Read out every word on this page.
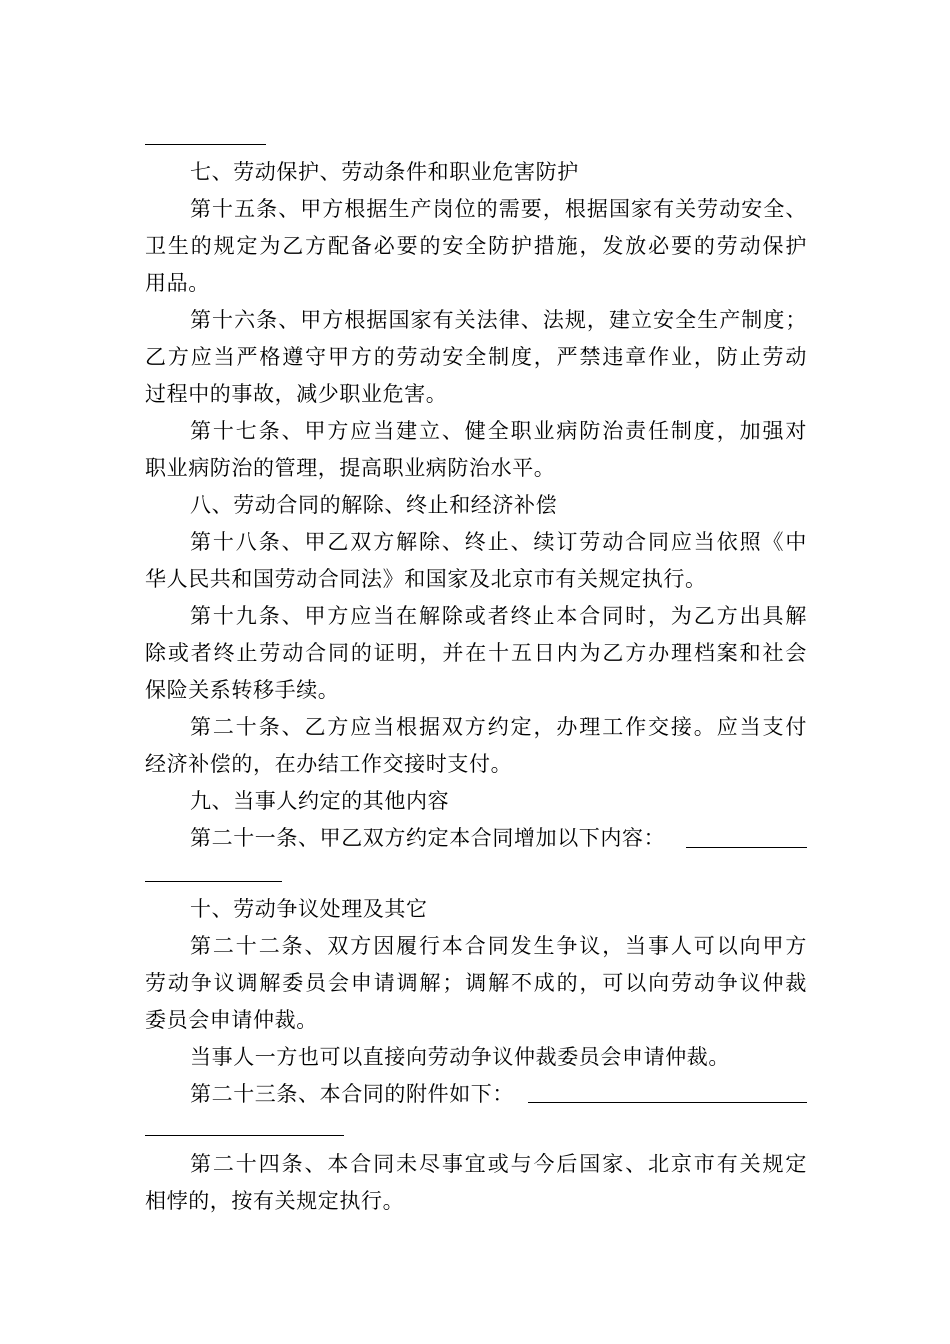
七、劳动保护、劳动条件和职业危害防护
第十五条、甲方根据生产岗位的需要，根据国家有关劳动安全、
卫生的规定为乙方配备必要的安全防护措施，发放必要的劳动保护
用品。
第十六条、甲方根据国家有关法律、法规，建立安全生产制度；
乙方应当严格遵守甲方的劳动安全制度，严禁违章作业，防止劳动
过程中的事故，减少职业危害。
第十七条、甲方应当建立、健全职业病防治责任制度，加强对
职业病防治的管理，提高职业病防治水平。
八、劳动合同的解除、终止和经济补偿
第十八条、甲乙双方解除、终止、续订劳动合同应当依照《中
华人民共和国劳动合同法》和国家及北京市有关规定执行。
第十九条、甲方应当在解除或者终止本合同时，为乙方出具解
除或者终止劳动合同的证明，并在十五日内为乙方办理档案和社会
保险关系转移手续。
第二十条、乙方应当根据双方约定，办理工作交接。应当支付
经济补偿的，在办结工作交接时支付。
九、当事人约定的其他内容
第二十一条、甲乙双方约定本合同增加以下内容：
十、劳动争议处理及其它
第二十二条、双方因履行本合同发生争议，当事人可以向甲方
劳动争议调解委员会申请调解；调解不成的，可以向劳动争议仲裁
委员会申请仲裁。
当事人一方也可以直接向劳动争议仲裁委员会申请仲裁。
第二十三条、本合同的附件如下：
第二十四条、本合同未尽事宜或与今后国家、北京市有关规定
相悖的，按有关规定执行。
